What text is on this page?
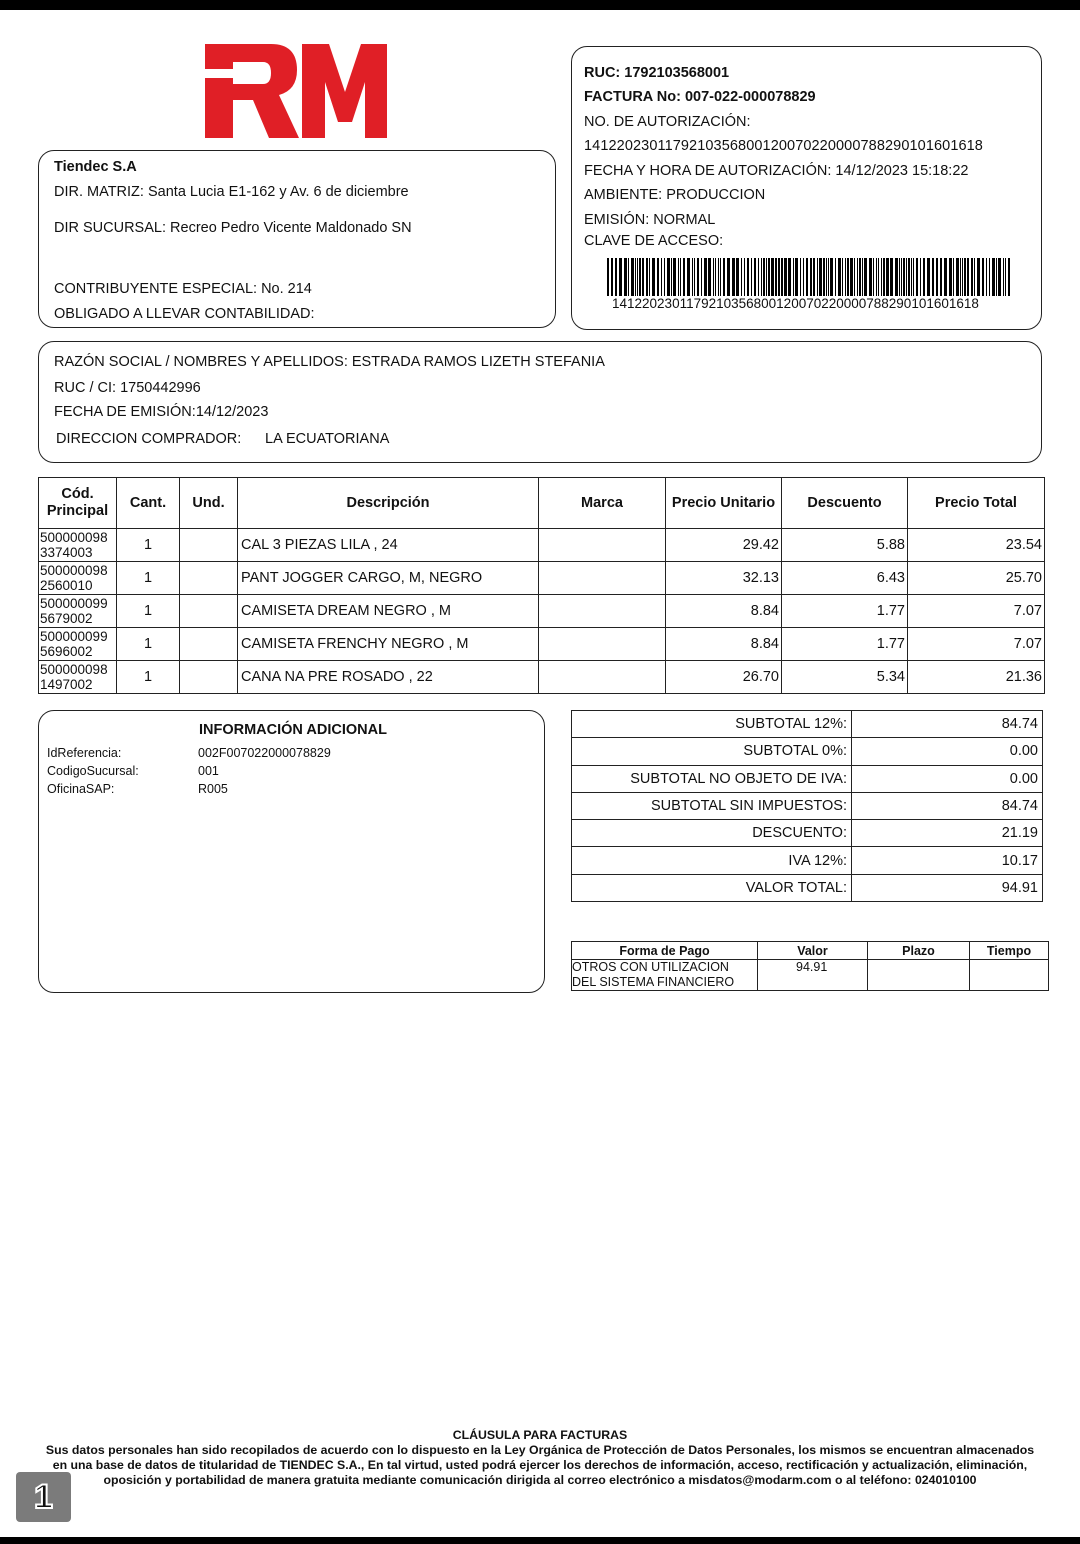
Tiendec S.A
DIR. MATRIZ: Santa Lucia E1-162 y Av. 6 de diciembre
DIR SUCURSAL: Recreo Pedro Vicente Maldonado SN
CONTRIBUYENTE ESPECIAL: No. 214
OBLIGADO A LLEVAR CONTABILIDAD:
RUC: 1792103568001
FACTURA No: 007-022-000078829
NO. DE AUTORIZACIÓN:
1412202301179210356800120070220000788290101601618
FECHA Y HORA DE AUTORIZACIÓN: 14/12/2023 15:18:22
AMBIENTE: PRODUCCION
EMISIÓN: NORMAL
CLAVE DE ACCESO:
1412202301179210356800120070220000788290101601618
RAZÓN SOCIAL / NOMBRES Y APELLIDOS: ESTRADA RAMOS LIZETH STEFANIA
RUC / CI: 1750442996
FECHA DE EMISIÓN:14/12/2023
DIRECCION COMPRADOR: LA ECUATORIANA
Cód. Principal	Cant.	Und.	Descripción	Marca	Precio Unitario	Descuento	Precio Total

500000098
3374003	1		CAL 3 PIEZAS LILA , 24		29.42	5.88	23.54

500000098
2560010	1		PANT JOGGER CARGO, M, NEGRO		32.13	6.43	25.70

500000099
5679002	1		CAMISETA DREAM NEGRO , M		8.84	1.77	7.07

500000099
5696002	1		CAMISETA FRENCHY NEGRO , M		8.84	1.77	7.07

500000098
1497002	1		CANA NA PRE ROSADO , 22		26.70	5.34	21.36
INFORMACIÓN ADICIONAL
IdReferencia:	002F007022000078829
CodigoSucursal:	001
OficinaSAP:	R005
SUBTOTAL 12%:	84.74
SUBTOTAL 0%:	0.00
SUBTOTAL NO OBJETO DE IVA:	0.00
SUBTOTAL SIN IMPUESTOS:	84.74
DESCUENTO:	21.19
IVA 12%:	10.17
VALOR TOTAL:	94.91
Forma de Pago	Valor	Plazo	Tiempo

OTROS CON UTILIZACION
DEL SISTEMA FINANCIERO	94.91		
CLÁUSULA PARA FACTURAS
Sus datos personales han sido recopilados de acuerdo con lo dispuesto en la Ley Orgánica de Protección de Datos Personales, los mismos se encuentran almacenados en una base de datos de titularidad de TIENDEC S.A., En tal virtud, usted podrá ejercer los derechos de información, acceso, rectificación y actualización, eliminación, oposición y portabilidad de manera gratuita mediante comunicación dirigida al correo electrónico a misdatos@modarm.com o al teléfono: 024010100
1
